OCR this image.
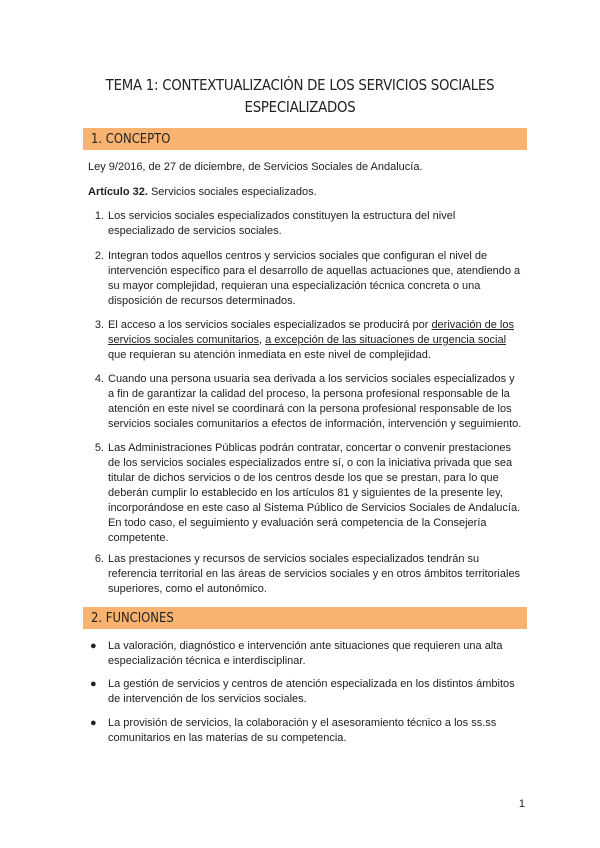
TEMA 1: CONTEXTUALIZACIÓN DE LOS SERVICIOS SOCIALES
ESPECIALIZADOS
1. CONCEPTO
Ley 9/2016, de 27 de diciembre, de Servicios Sociales de Andalucía.
Artículo 32. Servicios sociales especializados.
1. Los servicios sociales especializados constituyen la estructura del nivel
especializado de servicios sociales.
2. Integran todos aquellos centros y servicios sociales que configuran el nivel de
intervención específico para el desarrollo de aquellas actuaciones que, atendiendo a
su mayor complejidad, requieran una especialización técnica concreta o una
disposición de recursos determinados.
3. El acceso a los servicios sociales especializados se producirá por derivación de los
servicios sociales comunitarios, a excepción de las situaciones de urgencia social
que requieran su atención inmediata en este nivel de complejidad.
4. Cuando una persona usuaria sea derivada a los servicios sociales especializados y
a fin de garantizar la calidad del proceso, la persona profesional responsable de la
atención en este nivel se coordinará con la persona profesional responsable de los
servicios sociales comunitarios a efectos de información, intervención y seguimiento.
5. Las Administraciones Públicas podrán contratar, concertar o convenir prestaciones
de los servicios sociales especializados entre sí, o con la iniciativa privada que sea
titular de dichos servicios o de los centros desde los que se prestan, para lo que
deberán cumplir lo establecido en los artículos 81 y siguientes de la presente ley,
incorporándose en este caso al Sistema Público de Servicios Sociales de Andalucía.
En todo caso, el seguimiento y evaluación será competencia de la Consejería
competente.
6. Las prestaciones y recursos de servicios sociales especializados tendrán su
referencia territorial en las áreas de servicios sociales y en otros ámbitos territoriales
superiores, como el autonómico.
2. FUNCIONES
● La valoración, diagnóstico e intervención ante situaciones que requieren una alta
especialización técnica e interdisciplinar.
● La gestión de servicios y centros de atención especializada en los distintos ámbitos
de intervención de los servicios sociales.
● La provisión de servicios, la colaboración y el asesoramiento técnico a los ss.ss
comunitarios en las materias de su competencia.
1
